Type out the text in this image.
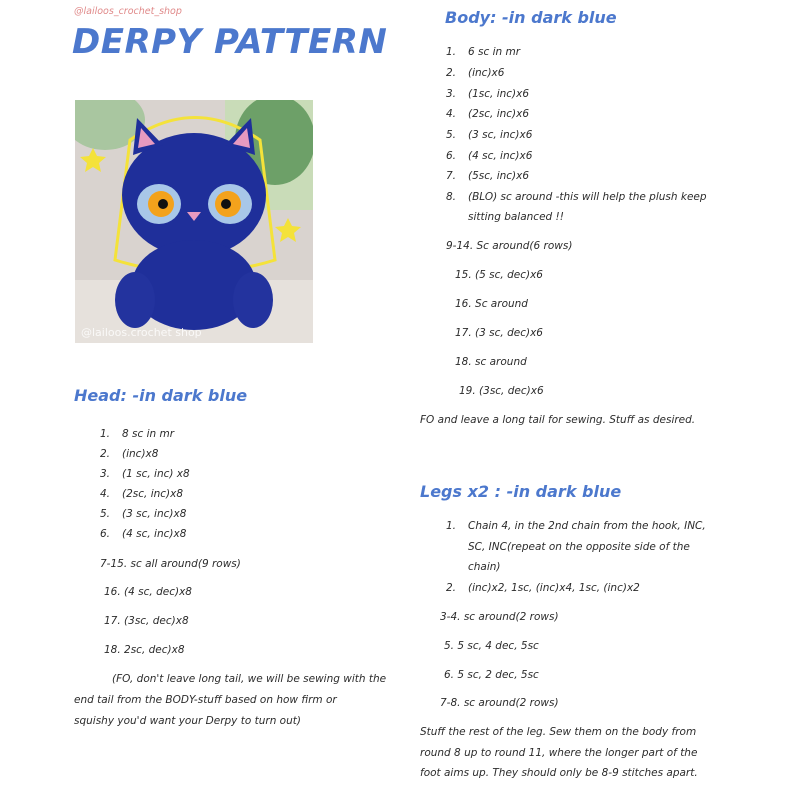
@lailoos_crochet_shop
DERPY PATTERN
@lailoos.crochet shop
Head: -in dark blue
1. 8 sc in mr
2. (inc)x8
3. (1 sc, inc) x8
4. (2sc, inc)x8
5. (3 sc, inc)x8
6. (4 sc, inc)x8
7-15. sc all around(9 rows)
16. (4 sc, dec)x8
17. (3sc, dec)x8
18. 2sc, dec)x8
(FO, don't leave long tail, we will be sewing with the
end tail from the BODY-stuff based on how firm or
squishy you'd want your Derpy to turn out)
Body: -in dark blue
1. 6 sc in mr
2. (inc)x6
3. (1sc, inc)x6
4. (2sc, inc)x6
5. (3 sc, inc)x6
6. (4 sc, inc)x6
7. (5sc, inc)x6
8. (BLO) sc around -this will help the plush keep
sitting balanced !!
9-14. Sc around(6 rows)
15. (5 sc, dec)x6
16. Sc around
17. (3 sc, dec)x6
18. sc around
19. (3sc, dec)x6
FO and leave a long tail for sewing. Stuff as desired.
Legs x2 : -in dark blue
1. Chain 4, in the 2nd chain from the hook, INC,
SC, INC(repeat on the opposite side of the
chain)
2. (inc)x2, 1sc, (inc)x4, 1sc, (inc)x2
3-4. sc around(2 rows)
5. 5 sc, 4 dec, 5sc
6. 5 sc, 2 dec, 5sc
7-8. sc around(2 rows)
Stuff the rest of the leg. Sew them on the body from
round 8 up to round 11, where the longer part of the
foot aims up. They should only be 8-9 stitches apart.
